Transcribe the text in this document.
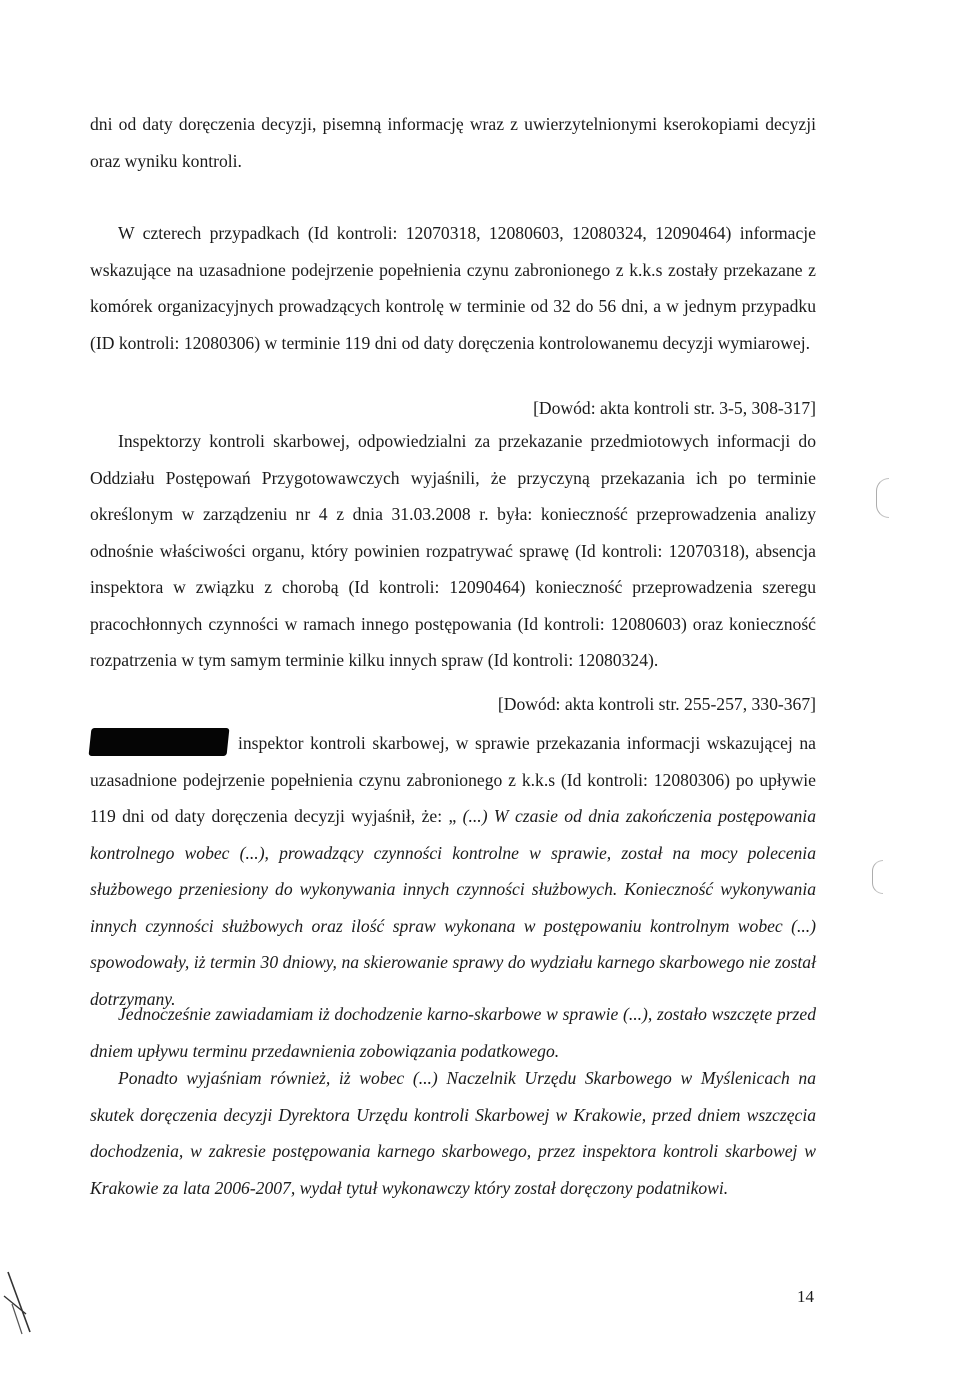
dni od daty doręczenia decyzji, pisemną informację wraz z uwierzytelnionymi kserokopiami decyzji oraz wyniku kontroli.

W czterech przypadkach (Id kontroli: 12070318, 12080603, 12080324, 12090464) informacje wskazujące na uzasadnione podejrzenie popełnienia czynu zabronionego z k.k.s zostały przekazane z komórek organizacyjnych prowadzących kontrolę w terminie od 32 do 56 dni, a w jednym przypadku (ID kontroli: 12080306) w terminie 119 dni od daty doręczenia kontrolowanemu decyzji wymiarowej.

[Dowód: akta kontroli str. 3-5, 308-317]

Inspektorzy kontroli skarbowej, odpowiedzialni za przekazanie przedmiotowych informacji do Oddziału Postępowań Przygotowawczych wyjaśnili, że przyczyną przekazania ich po terminie określonym w zarządzeniu nr 4 z dnia 31.03.2008 r. była: konieczność przeprowadzenia analizy odnośnie właściwości organu, który powinien rozpatrywać sprawę (Id kontroli: 12070318), absencja inspektora w związku z chorobą (Id kontroli: 12090464) konieczność przeprowadzenia szeregu pracochłonnych czynności w ramach innego postępowania (Id kontroli: 12080603) oraz konieczność rozpatrzenia w tym samym terminie kilku innych spraw (Id kontroli: 12080324).

[Dowód: akta kontroli str. 255-257, 330-367]

inspektor kontroli skarbowej, w sprawie przekazania informacji wskazującej na uzasadnione podejrzenie popełnienia czynu zabronionego z k.k.s (Id kontroli: 12080306) po upływie 119 dni od daty doręczenia decyzji wyjaśnił, że: „ (...) W czasie od dnia zakończenia postępowania kontrolnego wobec (...), prowadzący czynności kontrolne w sprawie, został na mocy polecenia służbowego przeniesiony do wykonywania innych czynności służbowych. Konieczność wykonywania innych czynności służbowych oraz ilość spraw wykonana w postępowaniu kontrolnym wobec (...) spowodowały, iż termin 30 dniowy, na skierowanie sprawy do wydziału karnego skarbowego nie został dotrzymany.

Jednocześnie zawiadamiam iż dochodzenie karno-skarbowe w sprawie (...), zostało wszczęte przed dniem upływu terminu przedawnienia zobowiązania podatkowego.

Ponadto wyjaśniam również, iż wobec (...) Naczelnik Urzędu Skarbowego w Myślenicach na skutek doręczenia decyzji Dyrektora Urzędu kontroli Skarbowej w Krakowie, przed dniem wszczęcia dochodzenia, w zakresie postępowania karnego skarbowego, przez inspektora kontroli skarbowej w Krakowie za lata 2006-2007, wydał tytuł wykonawczy który został doręczony podatnikowi.

14
